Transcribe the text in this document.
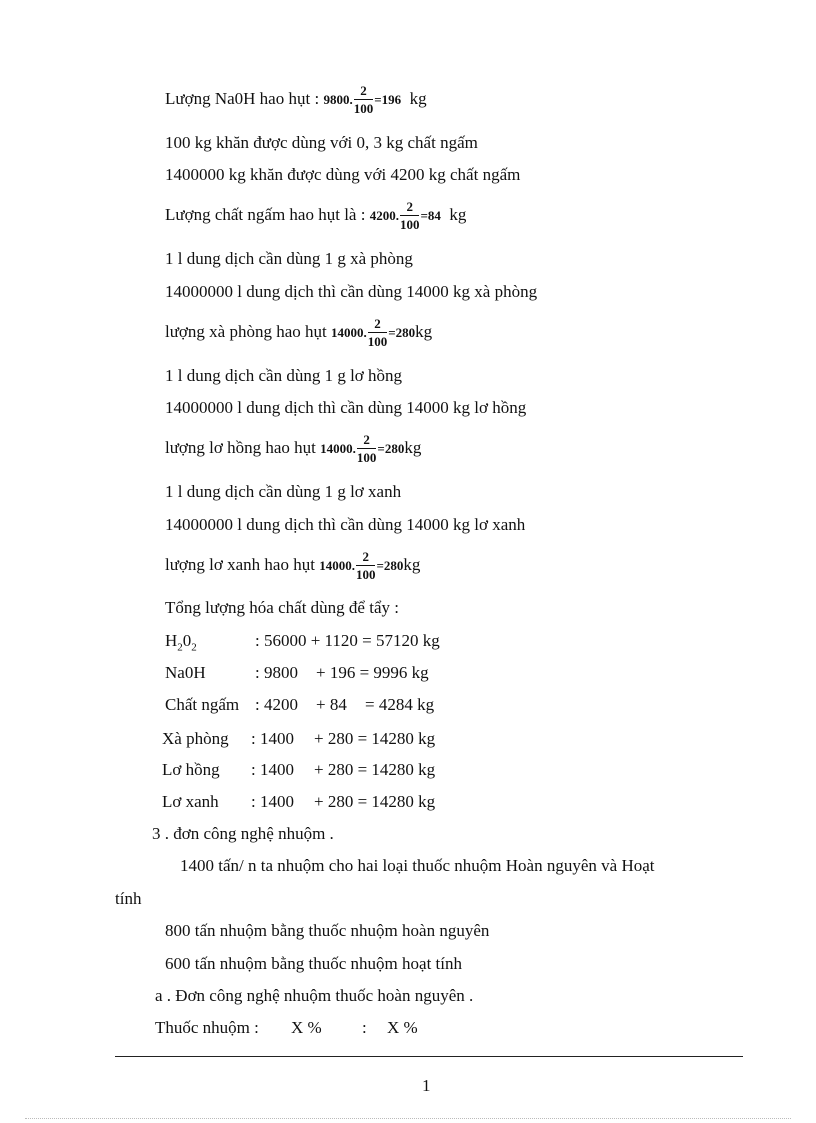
Lượng Na0H hao hụt : 9800. $\frac{2}{100} =196$ kg
100 kg khăn được dùng với 0, 3 kg chất ngấm
1400000 kg khăn được dùng với 4200 kg chất ngấm
Lượng chất ngấm hao hụt là : 4200. $\frac{2}{100} =84$ kg
1 l dung dịch cần dùng 1 g xà phòng
14000000 l dung dịch thì cần dùng 14000 kg xà phòng
lượng xà phòng hao hụt 14000. $\frac{2}{100} =280kg$
1 l dung dịch cần dùng 1 g lơ hồng
14000000 l dung dịch thì cần dùng 14000 kg lơ hồng
lượng lơ hồng hao hụt 14000. $\frac{2}{100} =280kg$
1 l dung dịch cần dùng 1 g lơ xanh
14000000 l dung dịch thì cần dùng 14000 kg lơ xanh
lượng lơ xanh hao hụt 14000. $\frac{2}{100} =280kg$
Tổng lượng hóa chất dùng để tẩy :
$H_20_2$	: 56000 + 1120 = 57120 kg
Na0H	: 9800 + 196 = 9996 kg
Chất ngấm : 4200 + 84 = 4284 kg
Xà phòng : 1400 + 280 = 14280 kg
Lơ hồng : 1400 + 280 = 14280 kg
Lơ xanh : 1400 + 280 = 14280 kg
3 . đơn công nghệ nhuộm .
1400 tấn/ n ta nhuộm cho hai loại thuốc nhuộm Hoàn nguyên và Hoạt
tính
800 tấn nhuộm bằng thuốc nhuộm hoàn nguyên
600 tấn nhuộm bằng thuốc nhuộm hoạt tính
a . Đơn công nghệ nhuộm thuốc hoàn nguyên .
Thuốc nhuộm : X % : X %
1
